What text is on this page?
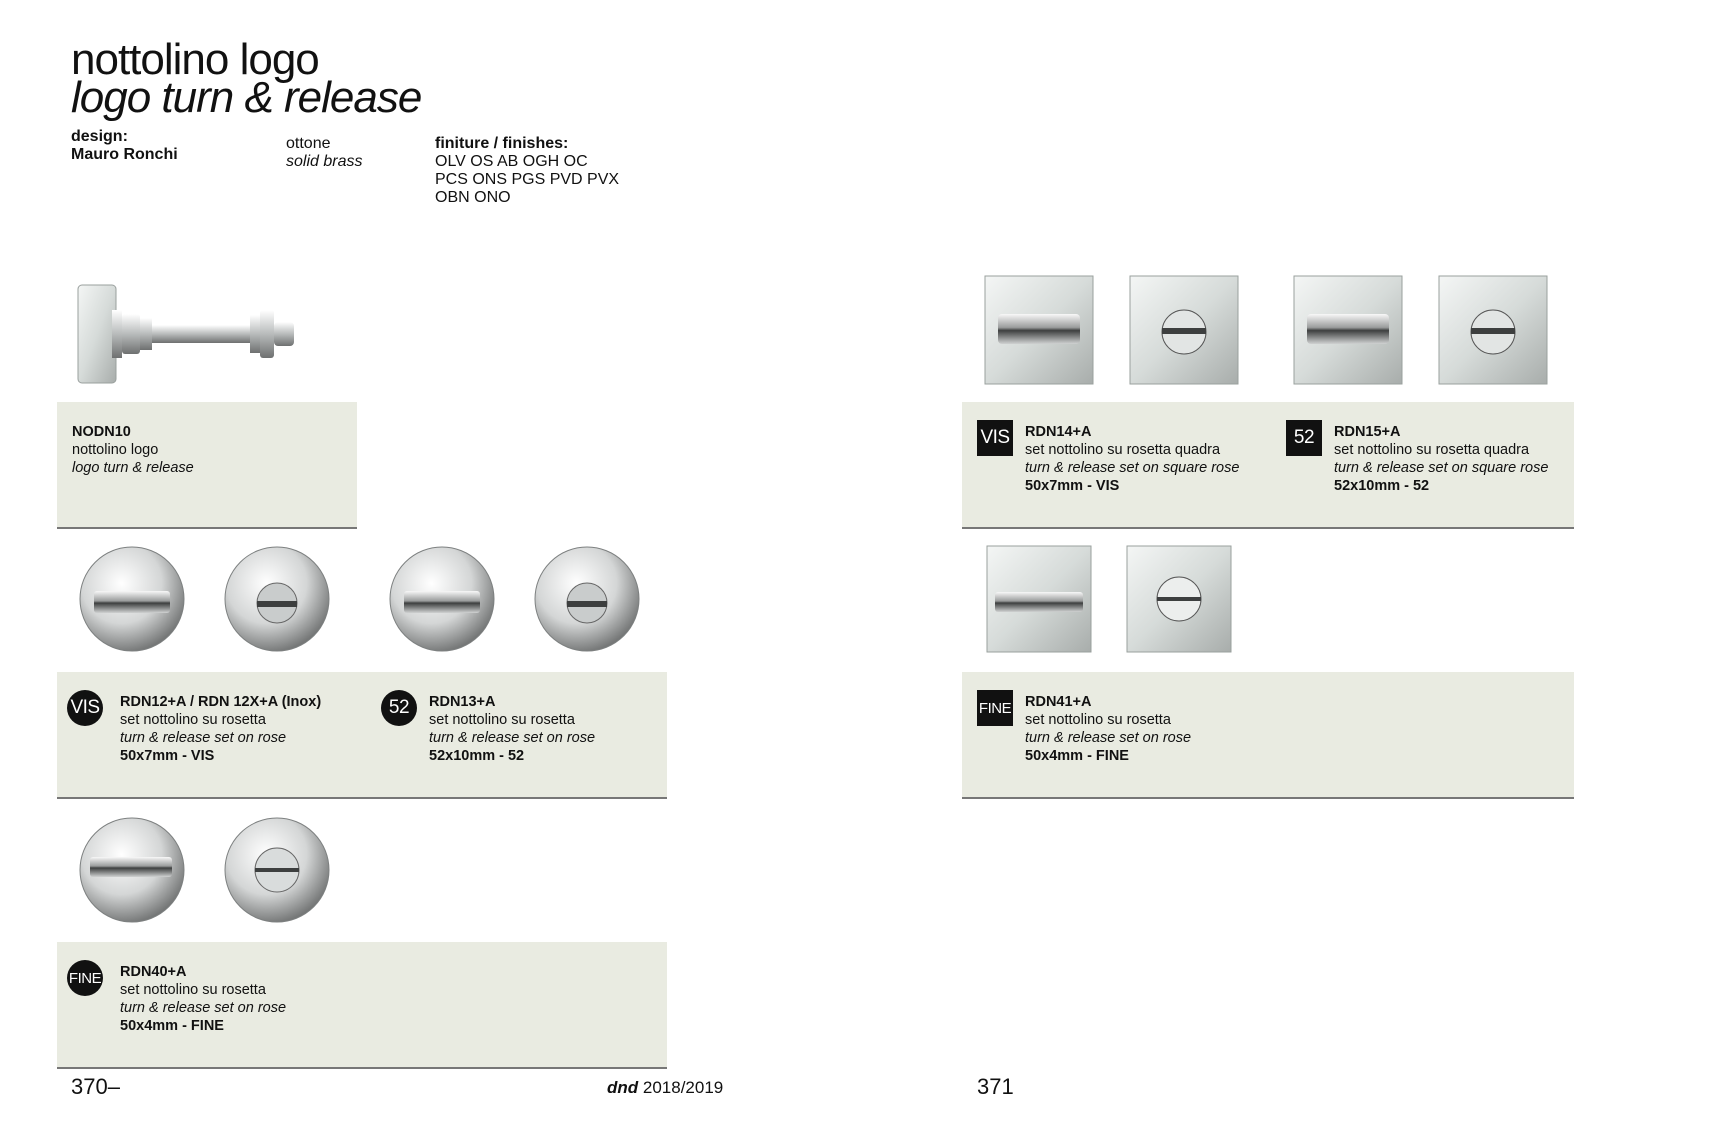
nottolino logo
logo turn & release
design:
Mauro Ronchi
ottone
solid brass
finiture / finishes:
OLV OS AB OGH OC
PCS ONS PGS PVD PVX
OBN ONO
NODN10
nottolino logo
logo turn & release
VIS RDN12+A / RDN 12X+A (Inox)
set nottolino su rosetta
turn & release set on rose
50x7mm - VIS
52	RDN13+A
set nottolino su rosetta
turn & release set on rose
52x10mm - 52
FINE RDN40+A
set nottolino su rosetta
turn & release set on rose
50x4mm - FINE
VIS RDN14+A
set nottolino su rosetta quadra
turn & release set on square rose
50x7mm - VIS
52	RDN15+A
set nottolino su rosetta quadra
turn & release set on square rose
52x10mm - 52
FINE RDN41+A
set nottolino su rosetta
turn & release set on rose
50x4mm - FINE
370–	dnd 2018/2019	371
